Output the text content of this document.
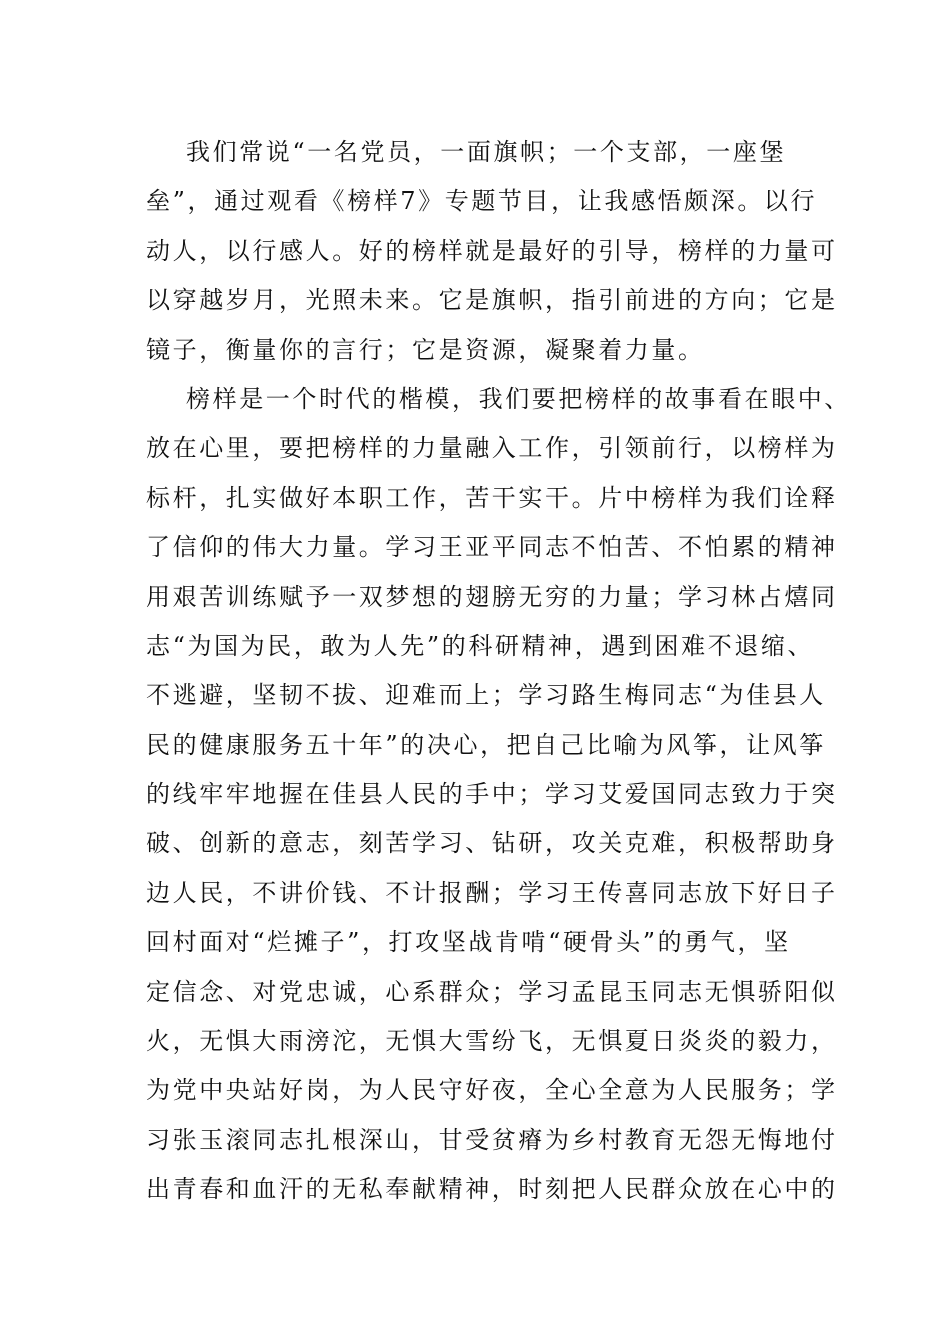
我们常说“一名党员，一面旗帜；一个支部，一座堡
垒”，通过观看《榜样7》专题节目，让我感悟颇深。以行
动人，以行感人。好的榜样就是最好的引导，榜样的力量可
以穿越岁月，光照未来。它是旗帜，指引前进的方向；它是
镜子，衡量你的言行；它是资源，凝聚着力量。
榜样是一个时代的楷模，我们要把榜样的故事看在眼中、
放在心里，要把榜样的力量融入工作，引领前行，以榜样为
标杆，扎实做好本职工作，苦干实干。片中榜样为我们诠释
了信仰的伟大力量。学习王亚平同志不怕苦、不怕累的精神
用艰苦训练赋予一双梦想的翅膀无穷的力量；学习林占熺同
志“为国为民，敢为人先”的科研精神，遇到困难不退缩、
不逃避，坚韧不拔、迎难而上；学习路生梅同志“为佳县人
民的健康服务五十年”的决心，把自己比喻为风筝，让风筝
的线牢牢地握在佳县人民的手中；学习艾爱国同志致力于突
破、创新的意志，刻苦学习、钻研，攻关克难，积极帮助身
边人民，不讲价钱、不计报酬；学习王传喜同志放下好日子
回村面对“烂摊子”，打攻坚战肯啃“硬骨头”的勇气，坚
定信念、对党忠诚，心系群众；学习孟昆玉同志无惧骄阳似
火，无惧大雨滂沱，无惧大雪纷飞，无惧夏日炎炎的毅力，
为党中央站好岗，为人民守好夜，全心全意为人民服务；学
习张玉滚同志扎根深山，甘受贫瘠为乡村教育无怨无悔地付
出青春和血汗的无私奉献精神，时刻把人民群众放在心中的
